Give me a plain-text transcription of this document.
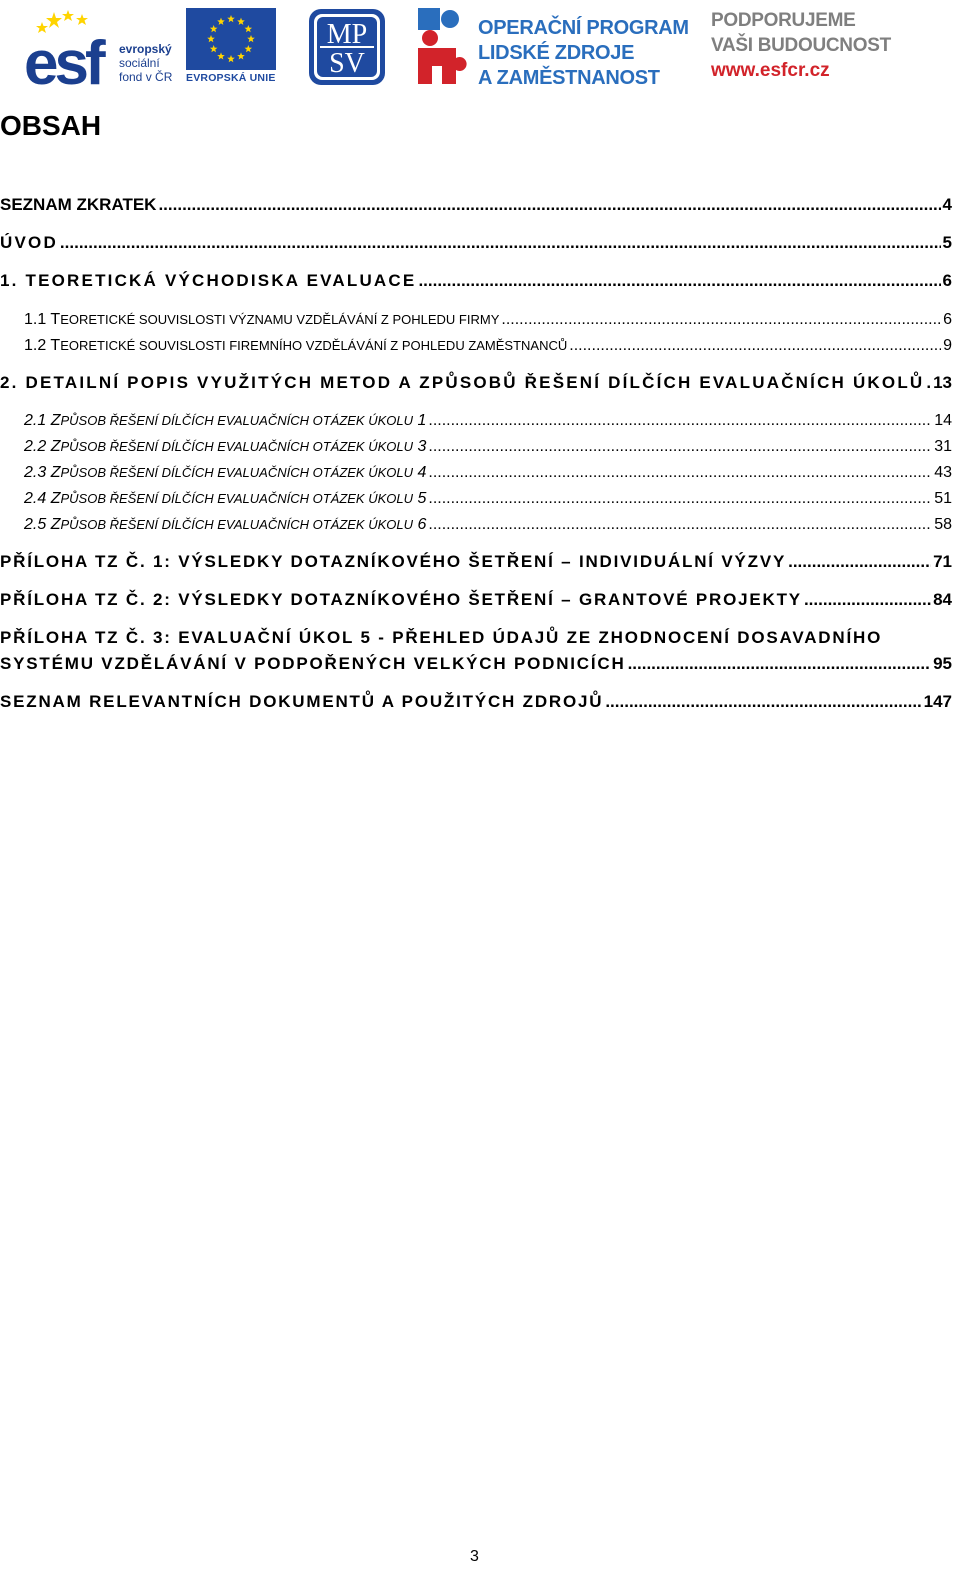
esf	evropský
sociální
fond v ČR EVROPSKÁ UNIE
MP
SV
OPERAČNÍ PROGRAM
LIDSKÉ ZDROJE
A ZAMĚSTNANOST
PODPORUJEME
VAŠI BUDOUCNOST
www.esfcr.cz
OBSAH
SEZNAM ZKRATEK .....	4
ÚVOD .....	5
1. TEORETICKÁ VÝCHODISKA EVALUACE .....	6
1.1 TEORETICKÉ SOUVISLOSTI VÝZNAMU VZDĚLÁVÁNÍ Z POHLEDU FIRMY .....	6
1.2 TEORETICKÉ SOUVISLOSTI FIREMNÍHO VZDĚLÁVÁNÍ Z POHLEDU ZAMĚSTNANCŮ .....	9
2. DETAILNÍ POPIS VYUŽITÝCH METOD A ZPŮSOBŮ ŘEŠENÍ DÍLČÍCH EVALUAČNÍCH ÚKOLŮ ..... 13
2.1 ZPŮSOB ŘEŠENÍ DÍLČÍCH EVALUAČNÍCH OTÁZEK ÚKOLU 1 .....	14
2.2 ZPŮSOB ŘEŠENÍ DÍLČÍCH EVALUAČNÍCH OTÁZEK ÚKOLU 3 .....	31
2.3 ZPŮSOB ŘEŠENÍ DÍLČÍCH EVALUAČNÍCH OTÁZEK ÚKOLU 4 .....	43
2.4 ZPŮSOB ŘEŠENÍ DÍLČÍCH EVALUAČNÍCH OTÁZEK ÚKOLU 5 .....	51
2.5 ZPŮSOB ŘEŠENÍ DÍLČÍCH EVALUAČNÍCH OTÁZEK ÚKOLU 6 .....	58
PŘÍLOHA TZ Č. 1: VÝSLEDKY DOTAZNÍKOVÉHO ŠETŘENÍ – INDIVIDUÁLNÍ VÝZVY .....	71
PŘÍLOHA TZ Č. 2: VÝSLEDKY DOTAZNÍKOVÉHO ŠETŘENÍ – GRANTOVÉ PROJEKTY .....	84
PŘÍLOHA TZ Č. 3: EVALUAČNÍ ÚKOL 5 - PŘEHLED ÚDAJŮ ZE ZHODNOCENÍ DOSAVADNÍHO
SYSTÉMU VZDĚLÁVÁNÍ V PODPOŘENÝCH VELKÝCH PODNICÍCH .....	95
SEZNAM RELEVANTNÍCH DOKUMENTŮ A POUŽITÝCH ZDROJŮ .....	147
3
